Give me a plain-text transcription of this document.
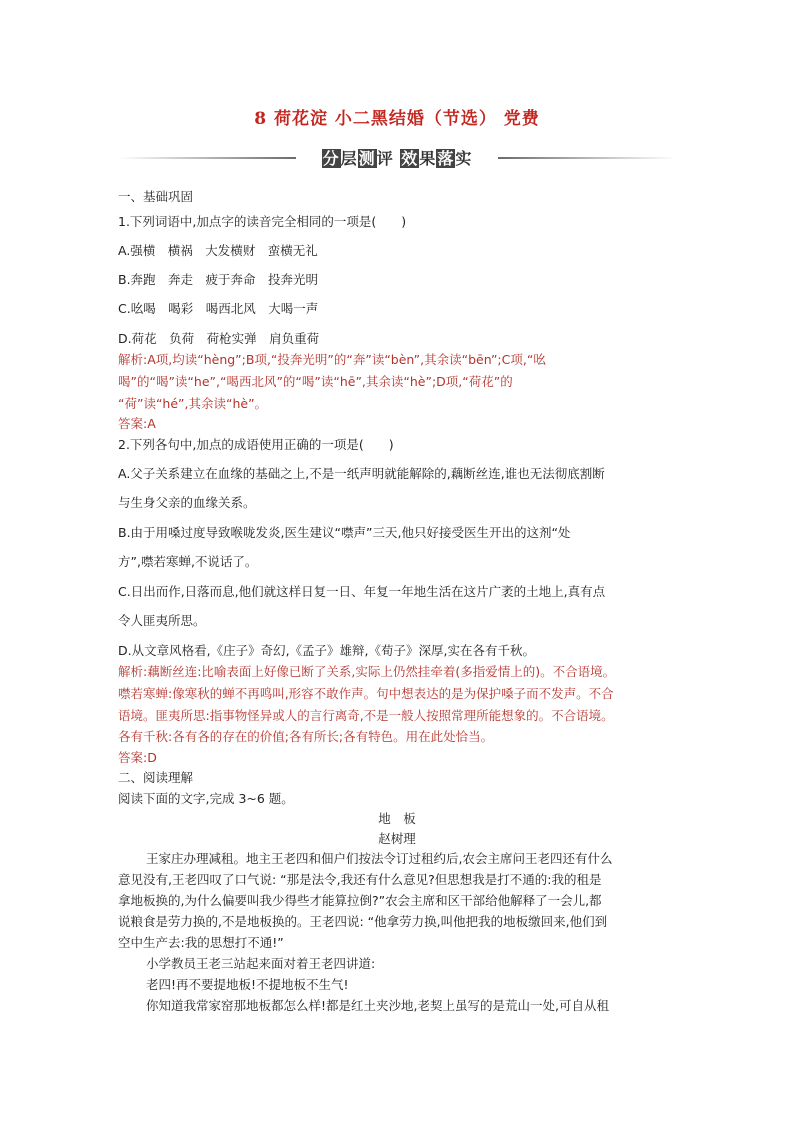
8 荷花淀 小二黑结婚（节选） 党费
分层测评 效果落实
一、基础巩固
1.下列词语中,加点字的读音完全相同的一项是(　　)
A.强横　横祸　大发横财　蛮横无礼
B.奔跑　奔走　疲于奔命　投奔光明
C.吆喝　喝彩　喝西北风　大喝一声
D.荷花　负荷　荷枪实弹　肩负重荷
解析:A项,均读“hèng”;B项,“投奔光明”的“奔”读“bèn”,其余读“bēn”;C项,“吆
喝”的“喝”读“he”,“喝西北风”的“喝”读“hē”,其余读“hè”;D项,“荷花”的
“荷”读“hé”,其余读“hè”。
答案:A
2.下列各句中,加点的成语使用正确的一项是(　　)
A.父子关系建立在血缘的基础之上,不是一纸声明就能解除的,藕断丝连,谁也无法彻底割断
与生身父亲的血缘关系。
B.由于用嗓过度导致喉咙发炎,医生建议“噤声”三天,他只好接受医生开出的这剂“处
方”,噤若寒蝉,不说话了。
C.日出而作,日落而息,他们就这样日复一日、年复一年地生活在这片广袤的土地上,真有点
令人匪夷所思。
D.从文章风格看,《庄子》奇幻,《孟子》雄辩,《荀子》深厚,实在各有千秋。
解析:藕断丝连:比喻表面上好像已断了关系,实际上仍然挂牵着(多指爱情上的)。不合语境。
噤若寒蝉:像寒秋的蝉不再鸣叫,形容不敢作声。句中想表达的是为保护嗓子而不发声。不合
语境。匪夷所思:指事物怪异或人的言行离奇,不是一般人按照常理所能想象的。不合语境。
各有千秋:各有各的存在的价值;各有所长;各有特色。用在此处恰当。
答案:D
二、阅读理解
阅读下面的文字,完成 3~6 题。
地　板
赵树理
王家庄办理减租。地主王老四和佃户们按法令订过租约后,农会主席问王老四还有什么
意见没有,王老四叹了口气说: “那是法令,我还有什么意见?但思想我是打不通的:我的租是
拿地板换的,为什么偏要叫我少得些才能算拉倒?”农会主席和区干部给他解释了一会儿,都
说粮食是劳力换的,不是地板换的。王老四说: “他拿劳力换,叫他把我的地板缴回来,他们到
空中生产去:我的思想打不通!”
小学教员王老三站起来面对着王老四讲道:
老四!再不要提地板!不提地板不生气!
你知道我常家窑那地板都怎么样!都是红土夹沙地,老契上虽写的是荒山一处,可自从租
